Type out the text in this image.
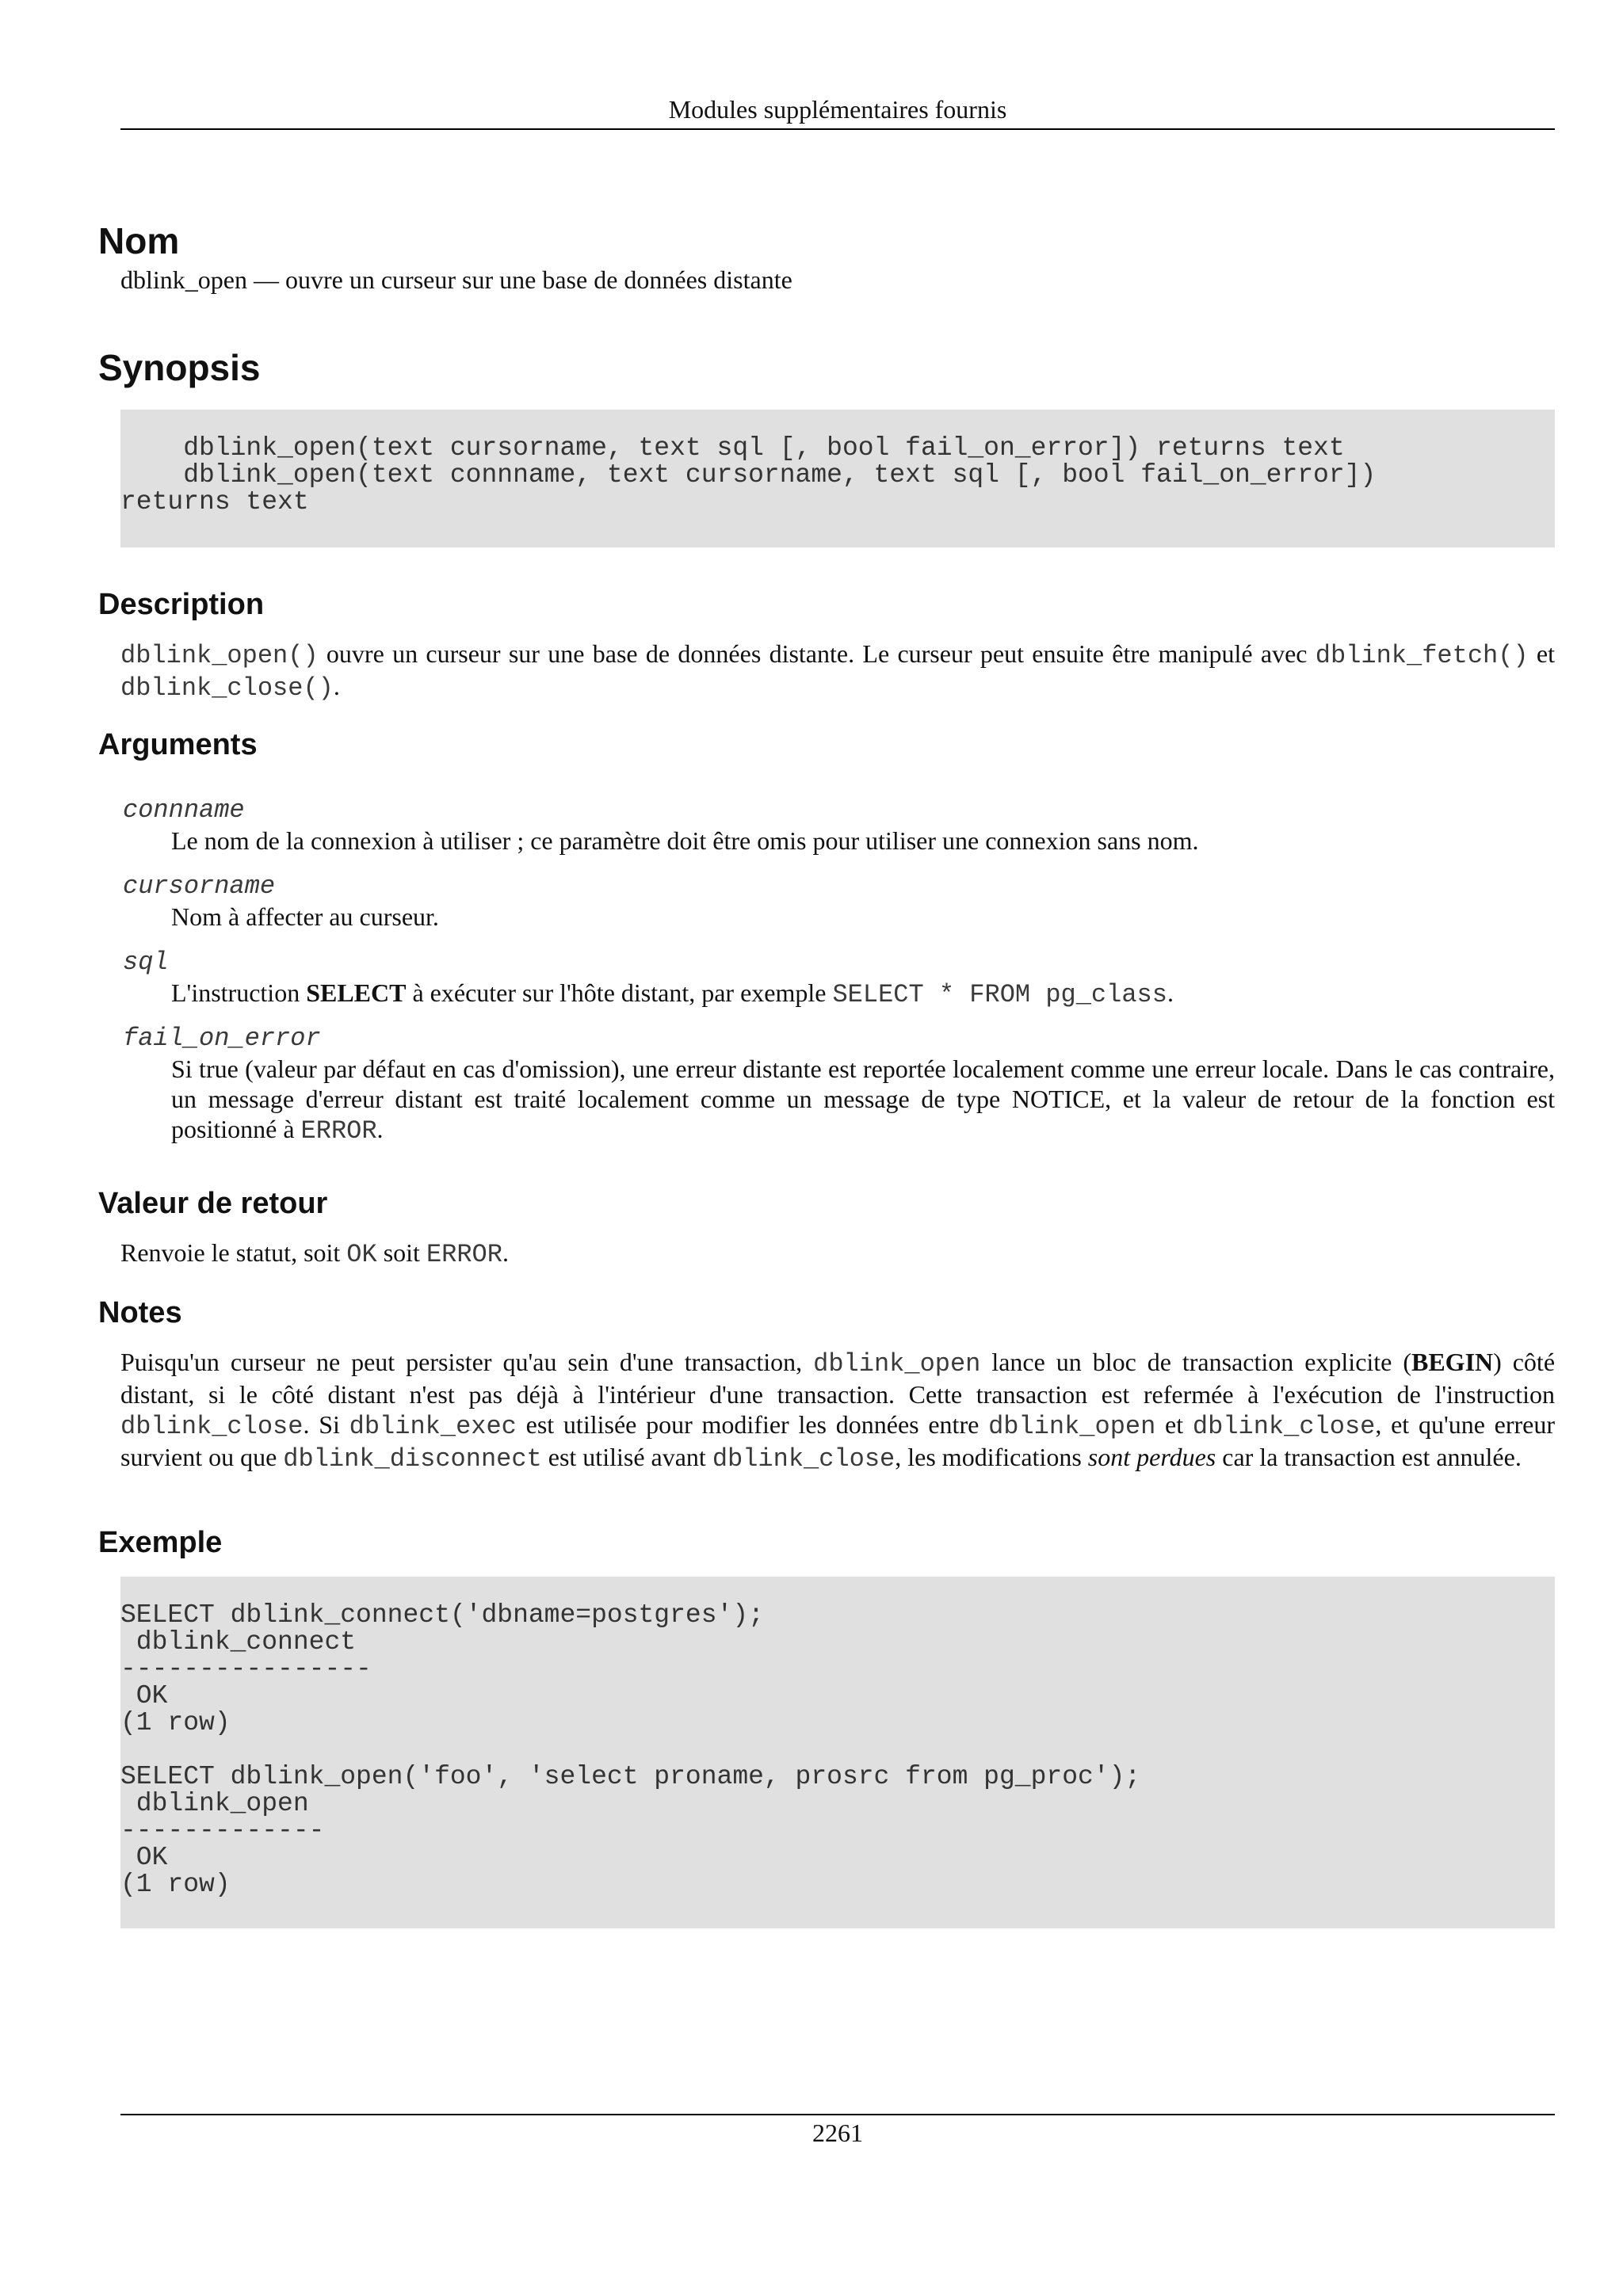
Modules supplémentaires fournis
Nom

dblink_open — ouvre un curseur sur une base de données distante

Synopsis
dblink_open(text cursorname, text sql [, bool fail_on_error]) returns text
dblink_open(text connname, text cursorname, text sql [, bool fail_on_error])
returns text
Description

dblink_open() ouvre un curseur sur une base de données distante. Le curseur peut ensuite être manipulé avec dblink_fetch() et dblink_close().

Arguments
connname

Le nom de la connexion à utiliser ; ce paramètre doit être omis pour utiliser une connexion sans nom.

cursorname

Nom à affecter au curseur.

sql

L'instruction SELECT à exécuter sur l'hôte distant, par exemple SELECT * FROM pg_class.

fail_on_error

Si true (valeur par défaut en cas d'omission), une erreur distante est reportée localement comme une erreur locale. Dans le cas contraire, un message d'erreur distant est traité localement comme un message de type NOTICE, et la valeur de retour de la fonction est positionné à ERROR.

Valeur de retour

Renvoie le statut, soit OK soit ERROR.

Notes

Puisqu'un curseur ne peut persister qu'au sein d'une transaction, dblink_open lance un bloc de transaction explicite (BEGIN) côté distant, si le côté distant n'est pas déjà à l'intérieur d'une transaction. Cette transaction est refermée à l'exécution de l'instruction dblink_close. Si dblink_exec est utilisée pour modifier les données entre dblink_open et dblink_close, et qu'une erreur survient ou que dblink_disconnect est utilisé avant dblink_close, les modifications sont perdues car la transaction est annulée.

Exemple
SELECT dblink_connect('dbname=postgres');
dblink_connect
----------------
OK
(1 row)

SELECT dblink_open('foo', 'select proname, prosrc from pg_proc');
dblink_open
-------------
OK
(1 row)
2261
